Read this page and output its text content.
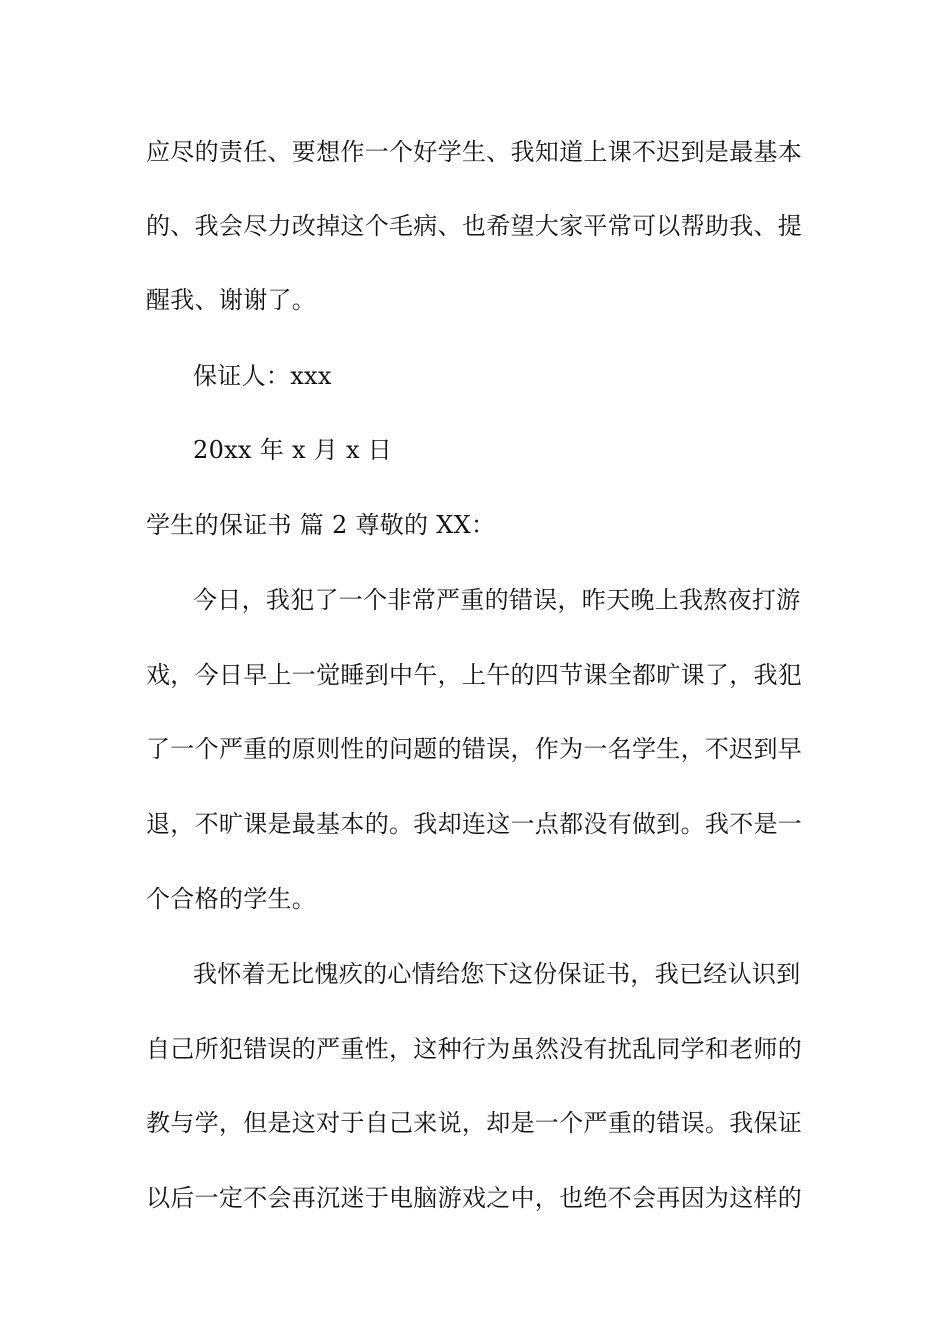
应尽的责任、要想作一个好学生、我知道上课不迟到是最基本
的、我会尽力改掉这个毛病、也希望大家平常可以帮助我、提
醒我、谢谢了。
保证人：xxx
20xx 年 x 月 x 日
学生的保证书 篇 2 尊敬的 XX：
今日，我犯了一个非常严重的错误，昨天晚上我熬夜打游
戏，今日早上一觉睡到中午，上午的四节课全都旷课了，我犯
了一个严重的原则性的问题的错误，作为一名学生，不迟到早
退，不旷课是最基本的。我却连这一点都没有做到。我不是一
个合格的学生。
我怀着无比愧疚的心情给您下这份保证书，我已经认识到
自己所犯错误的严重性，这种行为虽然没有扰乱同学和老师的
教与学，但是这对于自己来说，却是一个严重的错误。我保证
以后一定不会再沉迷于电脑游戏之中，也绝不会再因为这样的
